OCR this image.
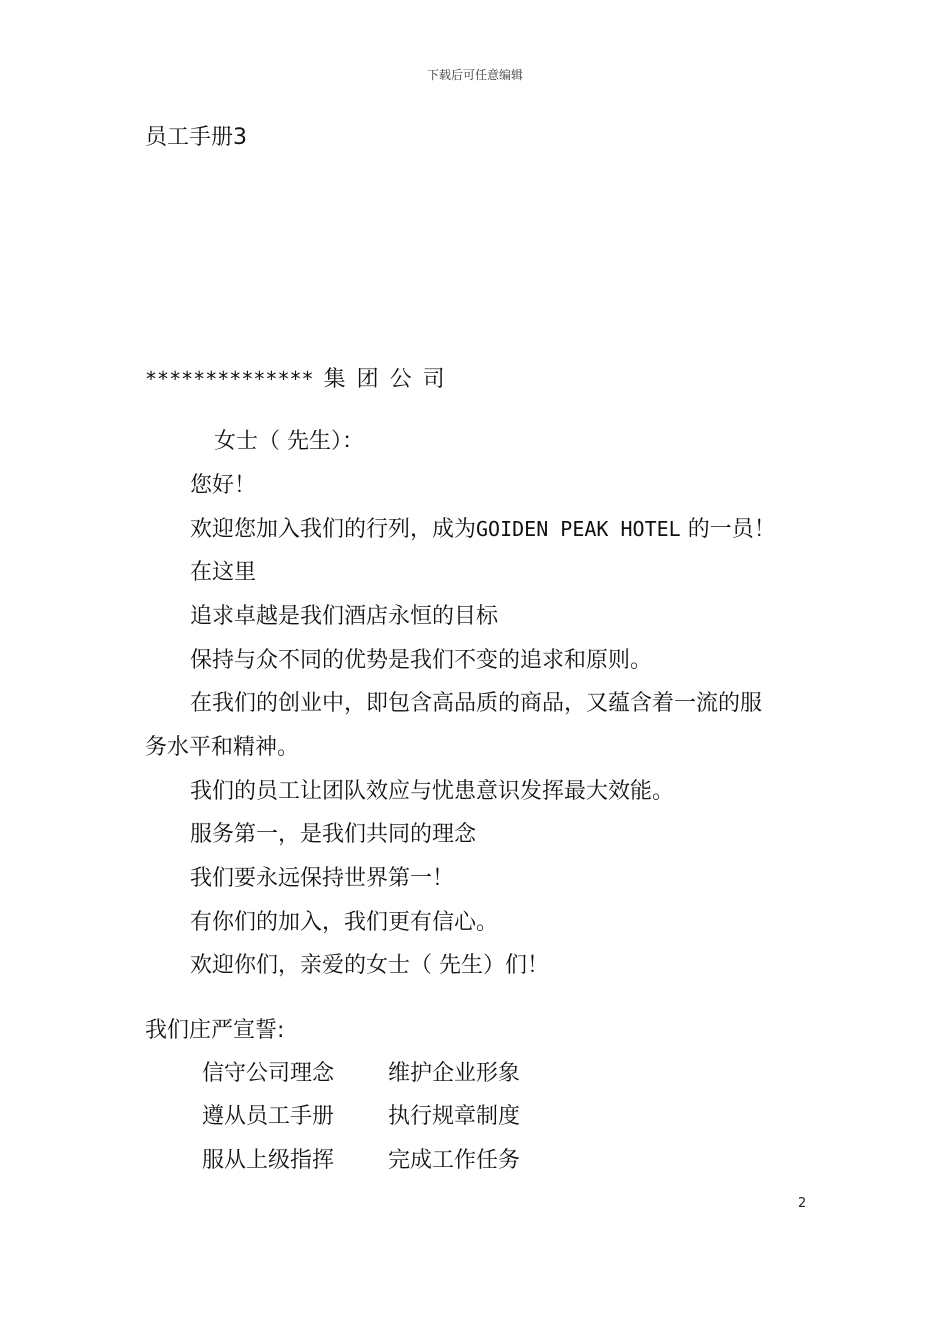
下载后可任意编辑
员工手册3
************** 集团公司
女士（ 先生）：
您好！
欢迎您加入我们的行列，成为GOIDEN PEAK HOTEL 的一员！
在这里
追求卓越是我们酒店永恒的目标
保持与众不同的优势是我们不变的追求和原则。
在我们的创业中，即包含高品质的商品，又蕴含着一流的服
务水平和精神。
我们的员工让团队效应与忧患意识发挥最大效能。
服务第一，是我们共同的理念
我们要永远保持世界第一！
有你们的加入，我们更有信心。
欢迎你们，亲爱的女士（ 先生）们！
我们庄严宣誓:
信守公司理念 维护企业形象
遵从员工手册 执行规章制度
服从上级指挥 完成工作任务
2
